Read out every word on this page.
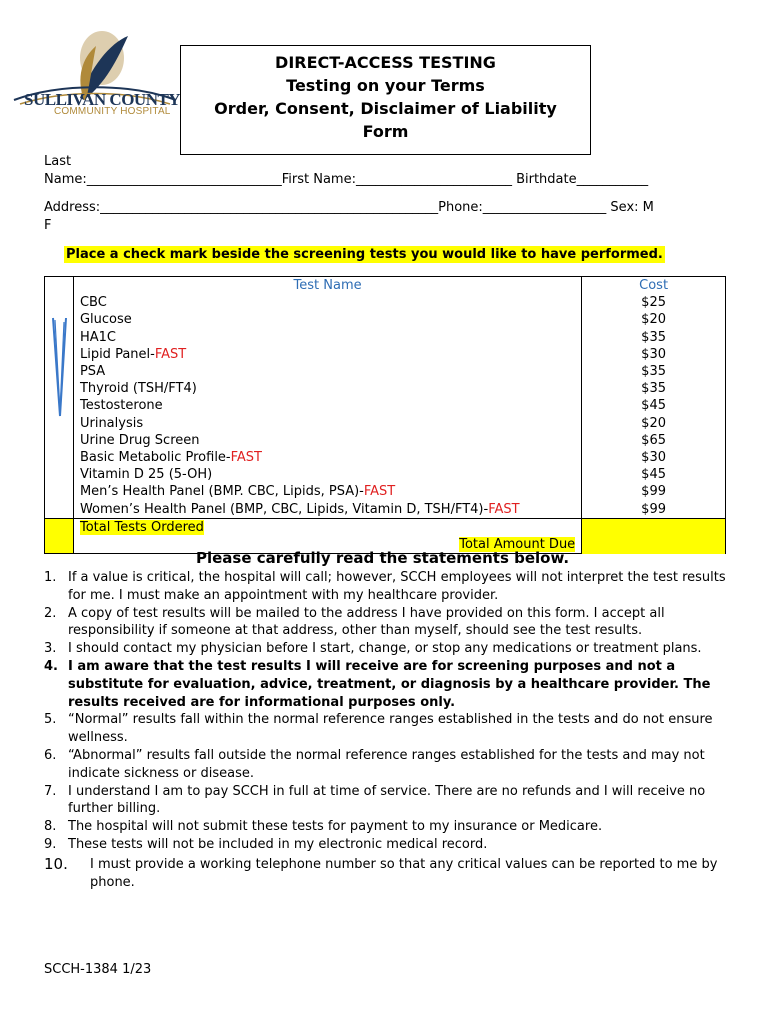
SULLIVAN COUNTY
COMMUNITY HOSPITAL
DIRECT-ACCESS TESTING
Testing on your Terms
Order, Consent, Disclaimer of Liability
Form
Last
Name:______________________________First Name:________________________ Birthdate___________
Address:____________________________________________________Phone:___________________ Sex: M
F
Place a check mark beside the screening tests you would like to have performed.
	Test Name	Cost
	CBC	$25
	Glucose	$20
	HA1C	$35
	Lipid Panel-FAST	$30
	PSA	$35
	Thyroid (TSH/FT4)	$35
	Testosterone	$45
	Urinalysis	$20
	Urine Drug Screen	$65
	Basic Metabolic Profile-FAST	$30
	Vitamin D 25 (5-OH)	$45
	Men’s Health Panel (BMP. CBC, Lipids, PSA)-FAST	$99
	Women’s Health Panel (BMP, CBC, Lipids, Vitamin D, TSH/FT4)-FAST	$99
	Total Tests Ordered	
	Total Amount Due	
Please carefully read the statements below.
1. If a value is critical, the hospital will call; however, SCCH employees will not interpret the test results for me. I must make an appointment with my healthcare provider.
2. A copy of test results will be mailed to the address I have provided on this form. I accept all responsibility if someone at that address, other than myself, should see the test results.
3. I should contact my physician before I start, change, or stop any medications or treatment plans.
4. I am aware that the test results I will receive are for screening purposes and not a substitute for evaluation, advice, treatment, or diagnosis by a healthcare provider. The results received are for informational purposes only.
5. “Normal” results fall within the normal reference ranges established in the tests and do not ensure wellness.
6. “Abnormal” results fall outside the normal reference ranges established for the tests and may not indicate sickness or disease.
7. I understand I am to pay SCCH in full at time of service. There are no refunds and I will receive no further billing.
8. The hospital will not submit these tests for payment to my insurance or Medicare.
9. These tests will not be included in my electronic medical record.
10. I must provide a working telephone number so that any critical values can be reported to me by phone.
SCCH-1384 1/23
